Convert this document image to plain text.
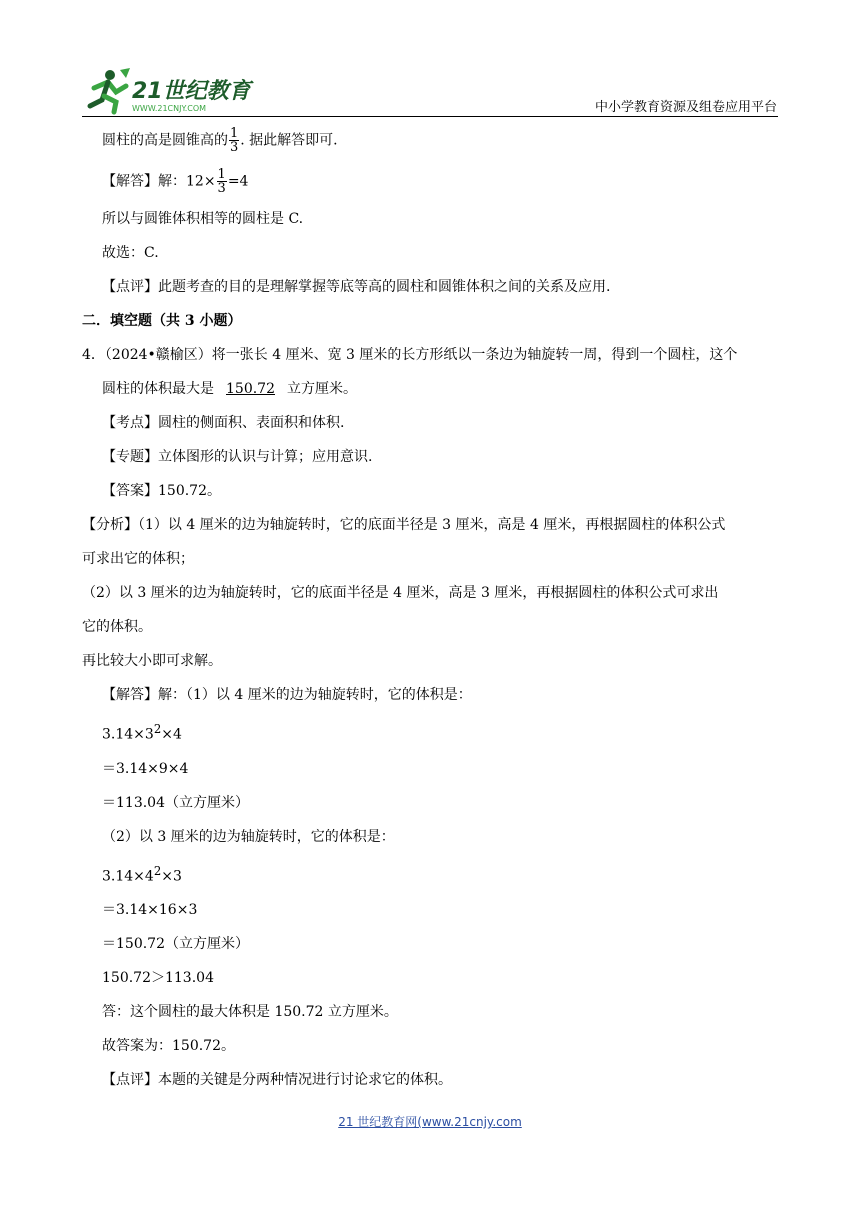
21世纪教育
WWW.21CNJY.COM	中小学教育资源及组卷应用平台
圆柱的高是圆锥高的 $\frac{1}{3}$ . 据此解答即可.
【解答】解：$12\times \frac{1}{3} =4$
所以与圆锥体积相等的圆柱是 C.
故选：C.
【点评】此题考查的目的是理解掌握等底等高的圆柱和圆锥体积之间的关系及应用.
二．填空题（共 3 小题）
4．（2024•赣榆区）将一张长 4 厘米、宽 3 厘米的长方形纸以一条边为轴旋转一周，得到一个圆柱，这个
圆柱的体积最大是 150.72 立方厘米。
【考点】圆柱的侧面积、表面积和体积.
【专题】立体图形的认识与计算；应用意识.
【答案】150.72。
【分析】（1）以 4 厘米的边为轴旋转时，它的底面半径是 3 厘米，高是 4 厘米，再根据圆柱的体积公式
可求出它的体积；
（2）以 3 厘米的边为轴旋转时，它的底面半径是 4 厘米，高是 3 厘米，再根据圆柱的体积公式可求出
它的体积。
再比较大小即可求解。
【解答】解：（1）以 4 厘米的边为轴旋转时，它的体积是：
$3.14\times 3^2\times 4$
＝3.14×9×4
＝113.04（立方厘米）
（2）以 3 厘米的边为轴旋转时，它的体积是：
$3.14\times 4^2\times 3$
＝3.14×16×3
＝150.72（立方厘米）
150.72＞113.04
答：这个圆柱的最大体积是 150.72 立方厘米。
故答案为：150.72。
【点评】本题的关键是分两种情况进行讨论求它的体积。
21 世纪教育网(www.21cnjy.com
